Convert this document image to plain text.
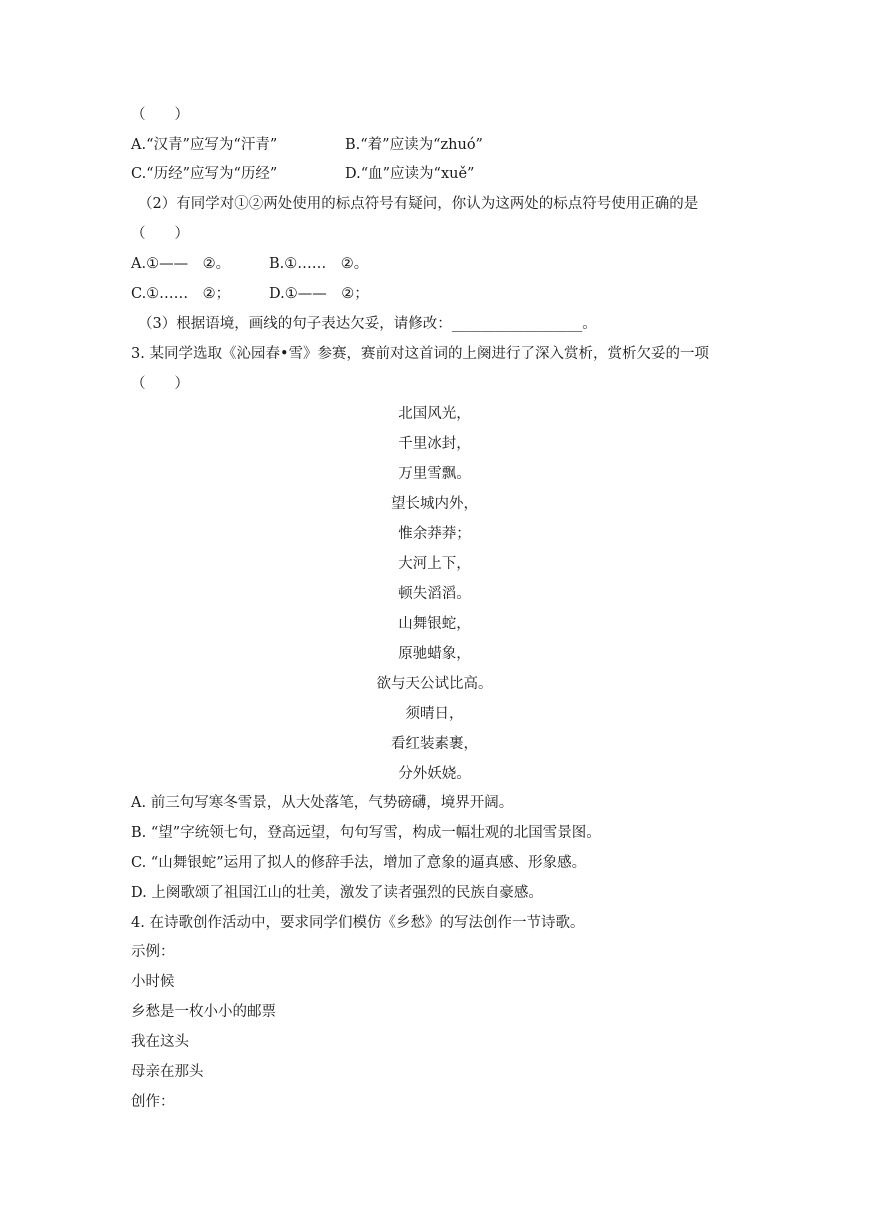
（　　）
A.“汉青”应写为“汗青”	B.“着”应读为“zhuó”
C.“历经”应写为“历经”	D.“血”应读为“xuě”
（2）有同学对①②两处使用的标点符号有疑问，你认为这两处的标点符号使用正确的是
（　　）
A.①——　②。	B.①……　②。
C.①……　②；	D.①——　②；
（3）根据语境，画线的句子表达欠妥，请修改：__________________。
3. 某同学选取《沁园春•雪》参赛，赛前对这首词的上阕进行了深入赏析，赏析欠妥的一项
（　　）
北国风光，
千里冰封，
万里雪飘。
望长城内外，
惟余莽莽；
大河上下，
顿失滔滔。
山舞银蛇，
原驰蜡象，
欲与天公试比高。
须晴日，
看红装素裹，
分外妖娆。
A. 前三句写寒冬雪景，从大处落笔，气势磅礴，境界开阔。
B. “望”字统领七句，登高远望，句句写雪，构成一幅壮观的北国雪景图。
C. “山舞银蛇”运用了拟人的修辞手法，增加了意象的逼真感、形象感。
D. 上阕歌颂了祖国江山的壮美，激发了读者强烈的民族自豪感。
4. 在诗歌创作活动中，要求同学们模仿《乡愁》的写法创作一节诗歌。
示例：
小时候
乡愁是一枚小小的邮票
我在这头
母亲在那头
创作：
